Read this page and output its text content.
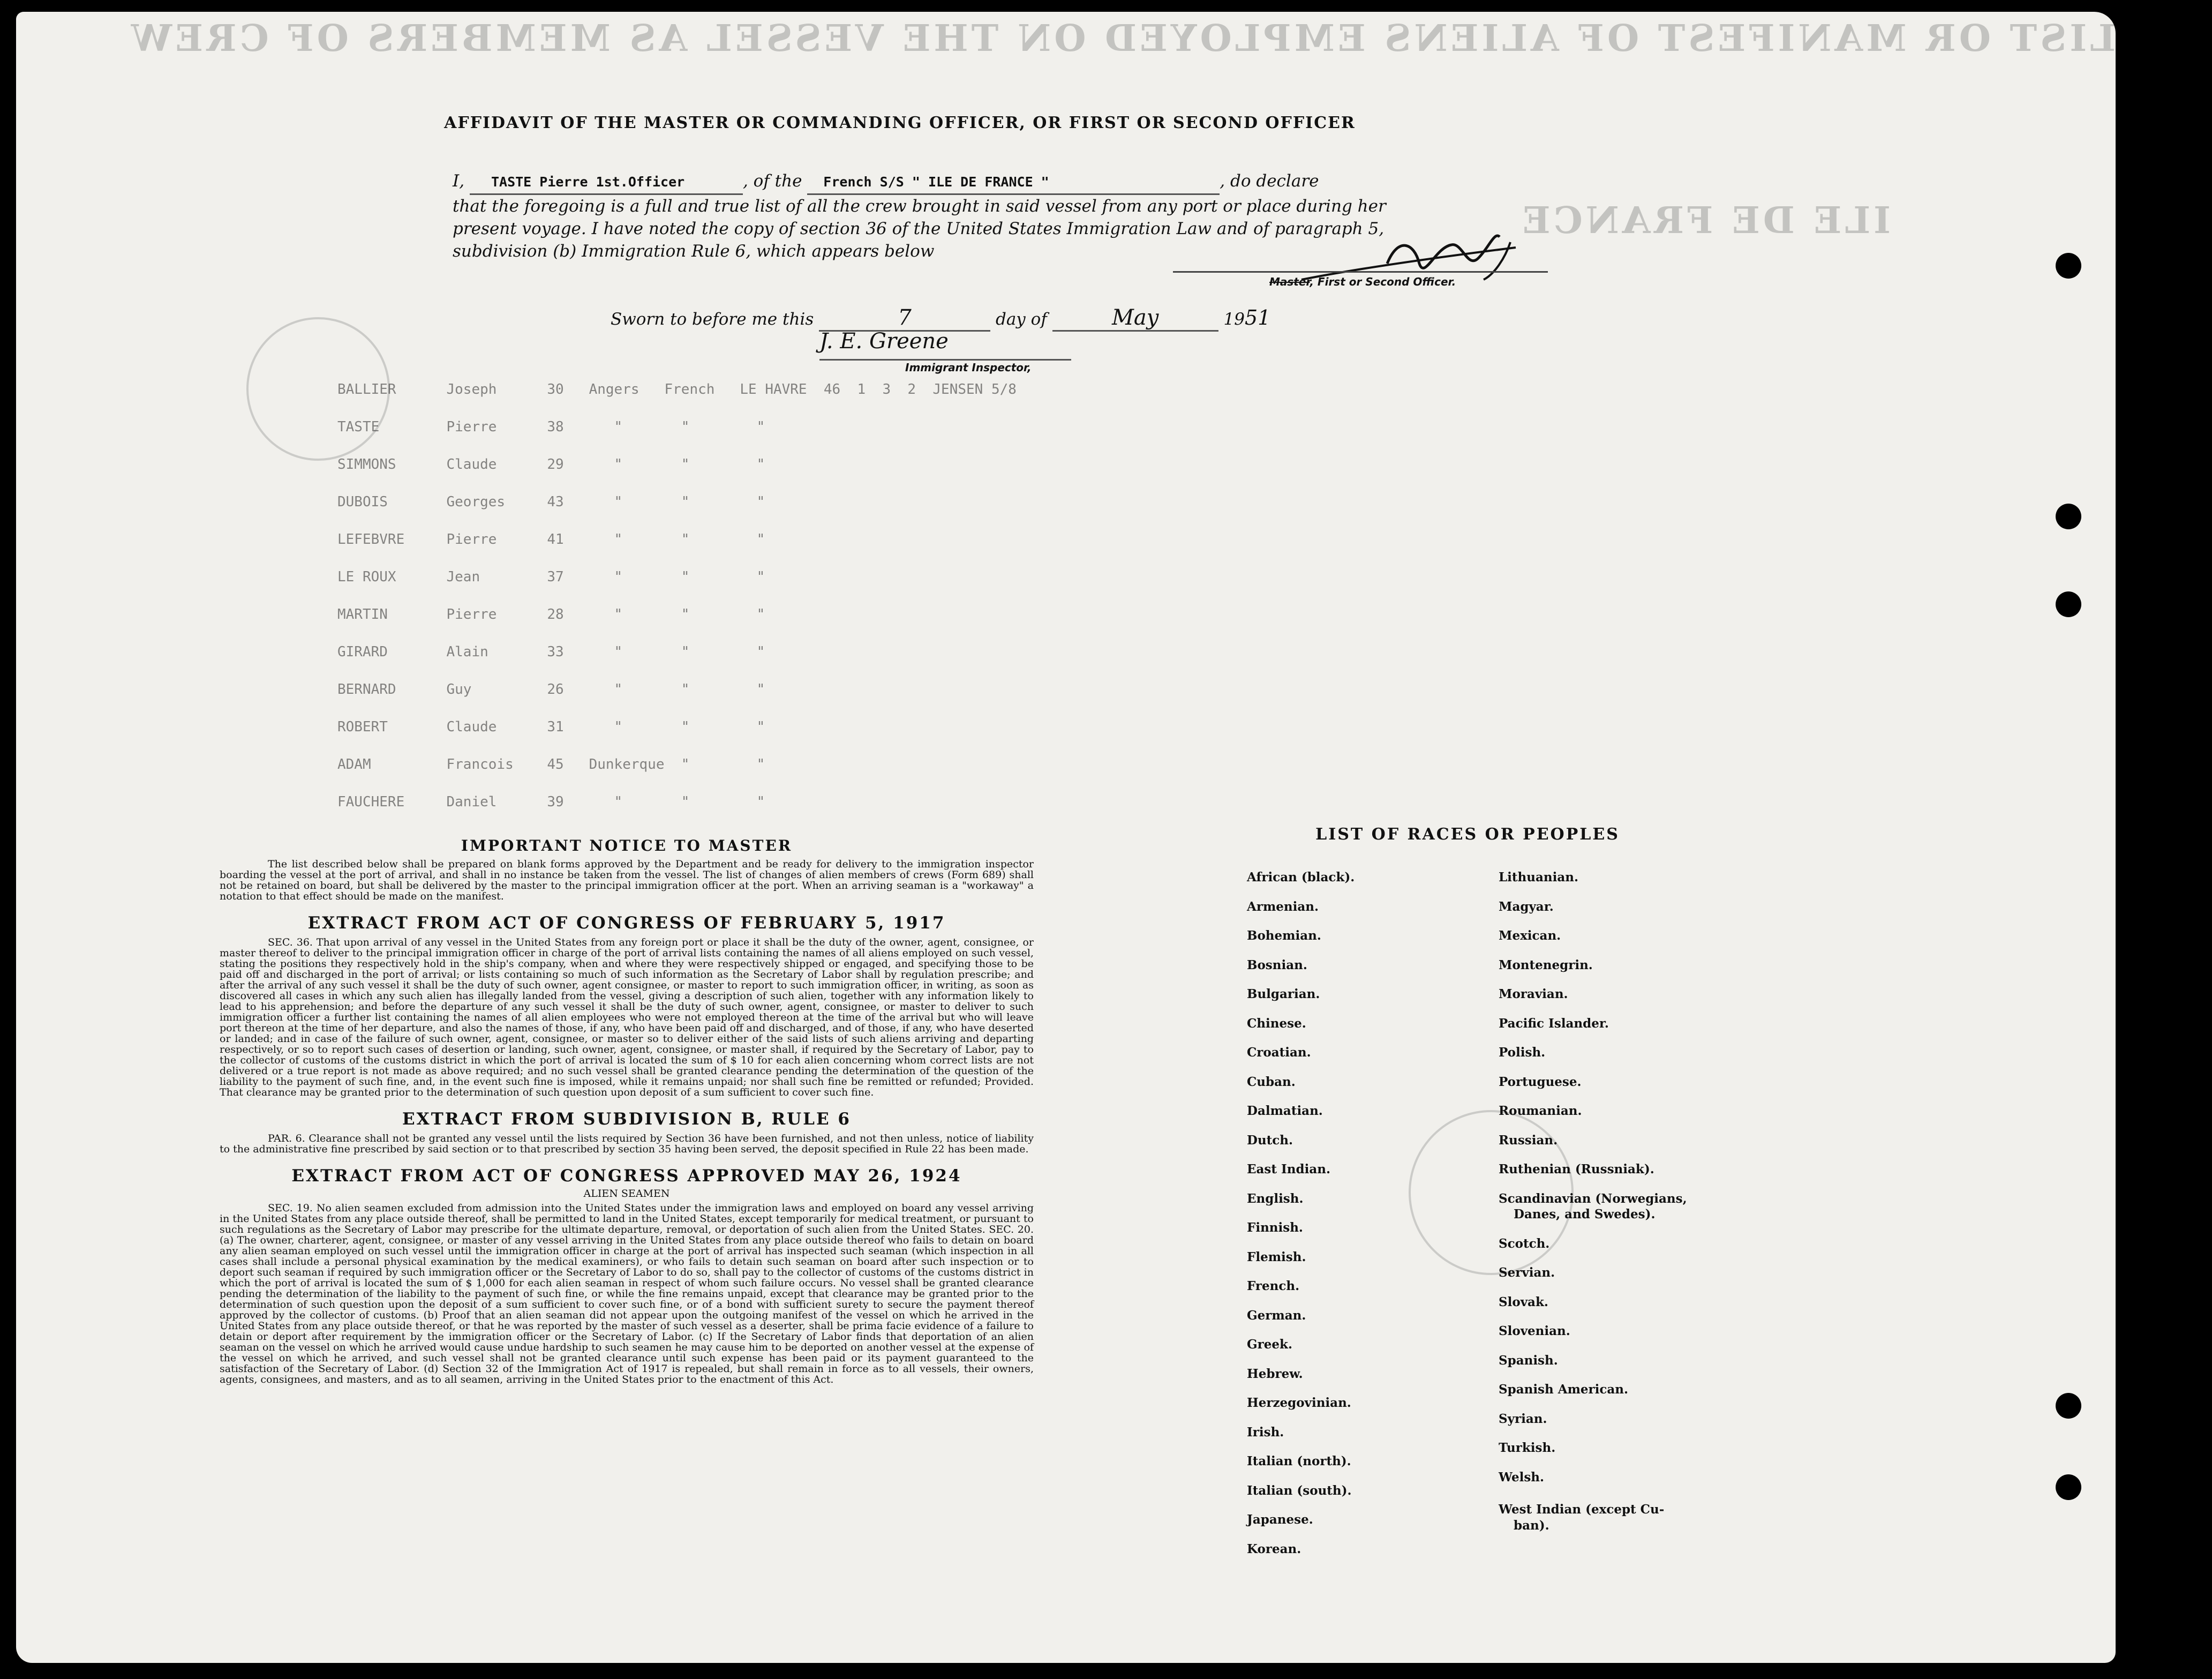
LIST OR MANIFEST OF ALIENS EMPLOYED ON THE VESSEL AS MEMBERS OF CREW
ILE DE FRANCE
AFFIDAVIT OF THE MASTER OR COMMANDING OFFICER, OR FIRST OR SECOND OFFICER
I, TASTE Pierre 1st.Officer	, of the French S/S " ILE DE FRANCE "	, do declare
that the foregoing is a full and true list of all the crew brought in said vessel from any port or place during her
present voyage. I have noted the copy of section 36 of the United States Immigration Law and of paragraph 5,
subdivision (b) Immigration Rule 6, which appears below
Master, First or Second Officer.
Sworn to before me this	7	day of	May	1951
J. E. Greene
Immigrant Inspector,
BALLIER      Joseph      30   Angers   French   LE HAVRE  46  1  3  2  JENSEN 5/8
TASTE        Pierre      38      "       "        "
SIMMONS      Claude      29      "       "        "
DUBOIS       Georges     43      "       "        "
LEFEBVRE     Pierre      41      "       "        "
LE ROUX      Jean        37      "       "        "
MARTIN       Pierre      28      "       "        "
GIRARD       Alain       33      "       "        "
BERNARD      Guy         26      "       "        "
ROBERT       Claude      31      "       "        "
ADAM         Francois    45   Dunkerque  "        "
FAUCHERE     Daniel      39      "       "        "
IMPORTANT NOTICE TO MASTER
The list described below shall be prepared on blank forms approved by the Department and be ready for delivery to the immigration inspector boarding the vessel at the port of arrival, and shall in no instance be taken from the vessel. The list of changes of alien members of crews (Form 689) shall not be retained on board, but shall be delivered by the master to the principal immigration officer at the port. When an arriving seaman is a "workaway" a notation to that effect should be made on the manifest.
EXTRACT FROM ACT OF CONGRESS OF FEBRUARY 5, 1917
SEC. 36. That upon arrival of any vessel in the United States from any foreign port or place it shall be the duty of the owner, agent, consignee, or master thereof to deliver to the principal immigration officer in charge of the port of arrival lists containing the names of all aliens employed on such vessel, stating the positions they respectively hold in the ship's company, when and where they were respectively shipped or engaged, and specifying those to be paid off and discharged in the port of arrival; or lists containing so much of such information as the Secretary of Labor shall by regulation prescribe; and after the arrival of any such vessel it shall be the duty of such owner, agent consignee, or master to report to such immigration officer, in writing, as soon as discovered all cases in which any such alien has illegally landed from the vessel, giving a description of such alien, together with any information likely to lead to his apprehension; and before the departure of any such vessel it shall be the duty of such owner, agent, consignee, or master to deliver to such immigration officer a further list containing the names of all alien employees who were not employed thereon at the time of the arrival but who will leave port thereon at the time of her departure, and also the names of those, if any, who have been paid off and discharged, and of those, if any, who have deserted or landed; and in case of the failure of such owner, agent, consignee, or master so to deliver either of the said lists of such aliens arriving and departing respectively, or so to report such cases of desertion or landing, such owner, agent, consignee, or master shall, if required by the Secretary of Labor, pay to the collector of customs of the customs district in which the port of arrival is located the sum of $ 10 for each alien concerning whom correct lists are not delivered or a true report is not made as above required; and no such vessel shall be granted clearance pending the determination of the question of the liability to the payment of such fine, and, in the event such fine is imposed, while it remains unpaid; nor shall such fine be remitted or refunded; Provided. That clearance may be granted prior to the determination of such question upon deposit of a sum sufficient to cover such fine.
EXTRACT FROM SUBDIVISION B, RULE 6
PAR. 6. Clearance shall not be granted any vessel until the lists required by Section 36 have been furnished, and not then unless, notice of liability to the administrative fine prescribed by said section or to that prescribed by section 35 having been served, the deposit specified in Rule 22 has been made.
EXTRACT FROM ACT OF CONGRESS APPROVED MAY 26, 1924
ALIEN SEAMEN
SEC. 19. No alien seamen excluded from admission into the United States under the immigration laws and employed on board any vessel arriving in the United States from any place outside thereof, shall be permitted to land in the United States, except temporarily for medical treatment, or pursuant to such regulations as the Secretary of Labor may prescribe for the ultimate departure, removal, or deportation of such alien from the United States. SEC. 20. (a) The owner, charterer, agent, consignee, or master of any vessel arriving in the United States from any place outside thereof who fails to detain on board any alien seaman employed on such vessel until the immigration officer in charge at the port of arrival has inspected such seaman (which inspection in all cases shall include a personal physical examination by the medical examiners), or who fails to detain such seaman on board after such inspection or to deport such seaman if required by such immigration officer or the Secretary of Labor to do so, shall pay to the collector of customs of the customs district in which the port of arrival is located the sum of $ 1,000 for each alien seaman in respect of whom such failure occurs. No vessel shall be granted clearance pending the determination of the liability to the payment of such fine, or while the fine remains unpaid, except that clearance may be granted prior to the determination of such question upon the deposit of a sum sufficient to cover such fine, or of a bond with sufficient surety to secure the payment thereof approved by the collector of customs. (b) Proof that an alien seaman did not appear upon the outgoing manifest of the vessel on which he arrived in the United States from any place outside thereof, or that he was reported by the master of such vessel as a deserter, shall be prima facie evidence of a failure to detain or deport after requirement by the immigration officer or the Secretary of Labor. (c) If the Secretary of Labor finds that deportation of an alien seaman on the vessel on which he arrived would cause undue hardship to such seamen he may cause him to be deported on another vessel at the expense of the vessel on which he arrived, and such vessel shall not be granted clearance until such expense has been paid or its payment guaranteed to the satisfaction of the Secretary of Labor. (d) Section 32 of the Immigration Act of 1917 is repealed, but shall remain in force as to all vessels, their owners, agents, consignees, and masters, and as to all seamen, arriving in the United States prior to the enactment of this Act.
LIST OF RACES OR PEOPLES
African (black).
Armenian.
Bohemian.
Bosnian.
Bulgarian.
Chinese.
Croatian.
Cuban.
Dalmatian.
Dutch.
East Indian.
English.
Finnish.
Flemish.
French.
German.
Greek.
Hebrew.
Herzegovinian.
Irish.
Italian (north).
Italian (south).
Japanese.
Korean.
Lithuanian.
Magyar.
Mexican.
Montenegrin.
Moravian.
Pacific Islander.
Polish.
Portuguese.
Roumanian.
Russian.
Ruthenian (Russniak).
Scandinavian (Norwegians,
Danes, and Swedes).
Scotch.
Servian.
Slovak.
Slovenian.
Spanish.
Spanish American.
Syrian.
Turkish.
Welsh.
West Indian (except Cu-
ban).
